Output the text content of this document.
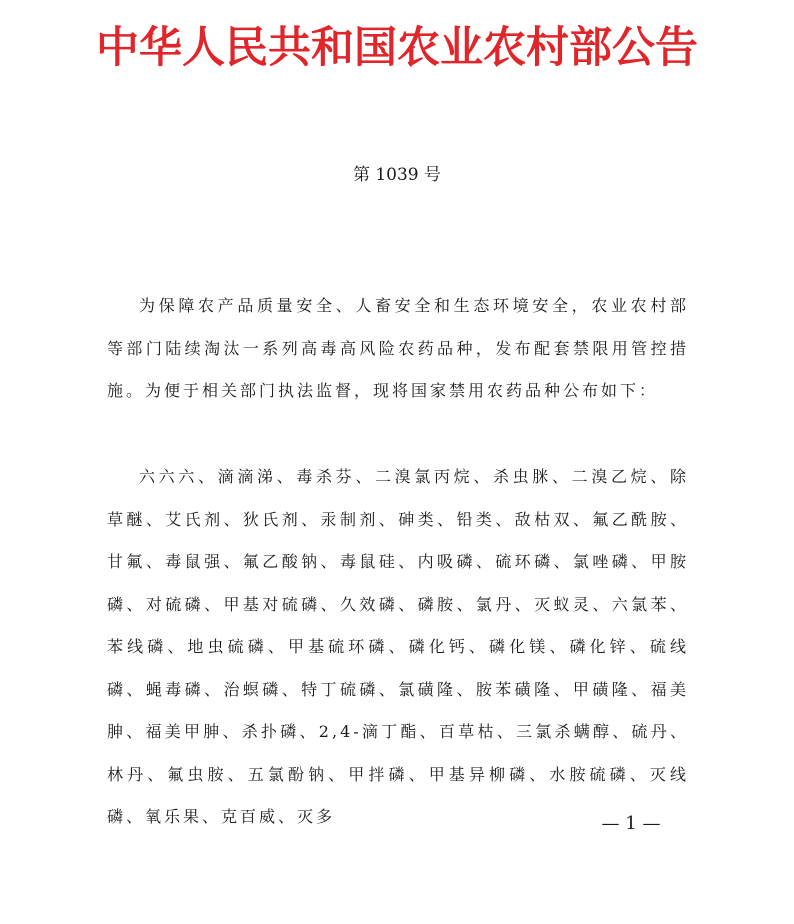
中华人民共和国农业农村部公告
第 1039 号

为保障农产品质量安全、人畜安全和生态环境安全，农业农村部等部门陆续淘汰一系列高毒高风险农药品种，发布配套禁限用管控措施。为便于相关部门执法监督，现将国家禁用农药品种公布如下：

六六六、滴滴涕、毒杀芬、二溴氯丙烷、杀虫脒、二溴乙烷、除草醚、艾氏剂、狄氏剂、汞制剂、砷类、铅类、敌枯双、氟乙酰胺、甘氟、毒鼠强、氟乙酸钠、毒鼠硅、内吸磷、硫环磷、氯唑磷、甲胺磷、对硫磷、甲基对硫磷、久效磷、磷胺、氯丹、灭蚁灵、六氯苯、苯线磷、地虫硫磷、甲基硫环磷、磷化钙、磷化镁、磷化锌、硫线磷、蝇毒磷、治螟磷、特丁硫磷、氯磺隆、胺苯磺隆、甲磺隆、福美胂、福美甲胂、杀扑磷、2,4-滴丁酯、百草枯、三氯杀螨醇、硫丹、林丹、氟虫胺、五氯酚钠、甲拌磷、甲基异柳磷、水胺硫磷、灭线磷、氧乐果、克百威、灭多	— 1 —
